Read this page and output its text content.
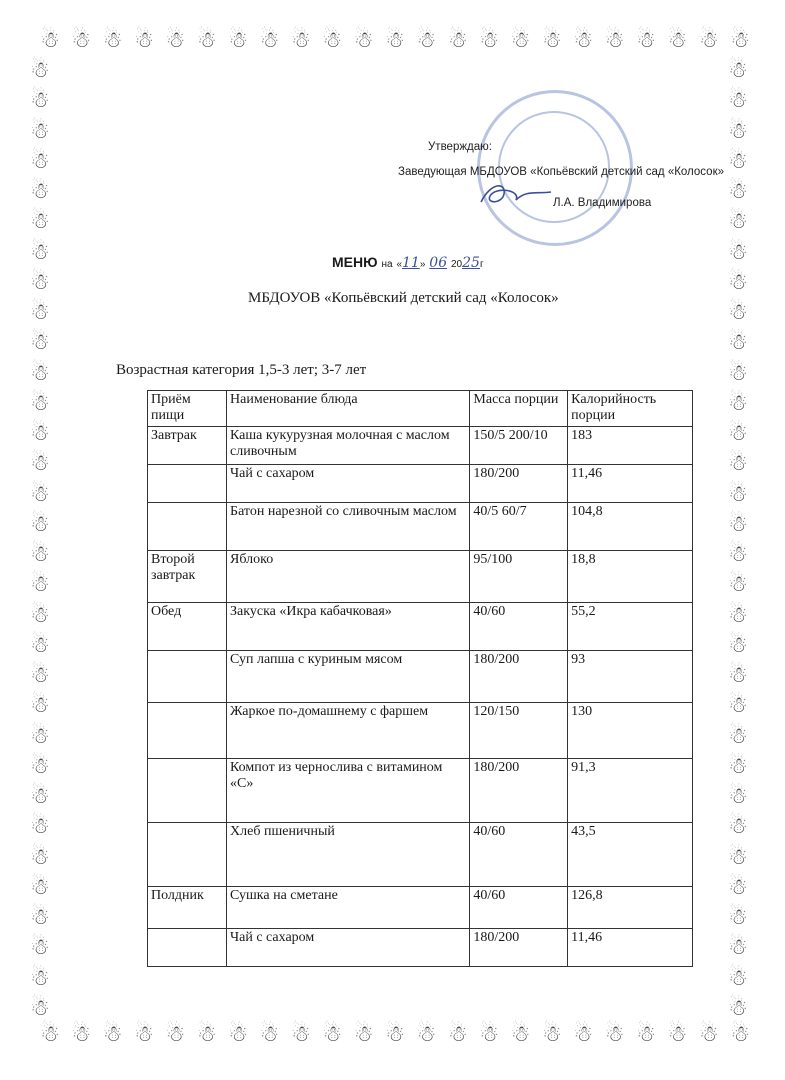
☃ ☃ ☃ ☃ ☃ ☃ ☃ ☃ ☃ ☃ ☃ ☃ ☃ ☃ ☃ ☃ ☃ ☃ ☃ ☃ ☃ ☃ ☃
☃ ☃ ☃ ☃ ☃ ☃ ☃ ☃ ☃ ☃ ☃ ☃ ☃ ☃ ☃ ☃ ☃ ☃ ☃ ☃ ☃ ☃ ☃
☃
☃
☃
☃
☃
☃
☃
☃
☃
☃
☃
☃
☃
☃
☃
☃
☃
☃
☃
☃
☃
☃
☃
☃
☃
☃
☃
☃
☃
☃
☃
☃
☃
☃
☃
☃
☃
☃
☃
☃
☃
☃
☃
☃
☃
☃
☃
☃
☃
☃
☃
☃
☃
☃
☃
☃
☃
☃
☃
☃
☃
☃
☃
☃
Утверждаю:
Заведующая МБДОУОВ «Копьёвский детский сад «Колосок»
Л.А. Владимирова
МЕНЮ на «11» 06 2025г
МБДОУОВ «Копьёвский детский сад «Колосок»
Возрастная категория 1,5-3 лет; 3-7 лет
Приём пищи	Наименование блюда	Масса порции	Калорийность порции
Завтрак	Каша кукурузная молочная с маслом сливочным	150/5 200/10	183
	Чай с сахаром	180/200	11,46
	Батон нарезной со сливочным маслом	40/5 60/7	104,8
Второй завтрак	Яблоко	95/100	18,8
Обед	Закуска «Икра кабачковая»	40/60	55,2
	Суп лапша с куриным мясом	180/200	93
	Жаркое по-домашнему с фаршем	120/150	130
	Компот из чернослива с витамином «С»	180/200	91,3
	Хлеб пшеничный	40/60	43,5
Полдник	Сушка на сметане	40/60	126,8
	Чай с сахаром	180/200	11,46
